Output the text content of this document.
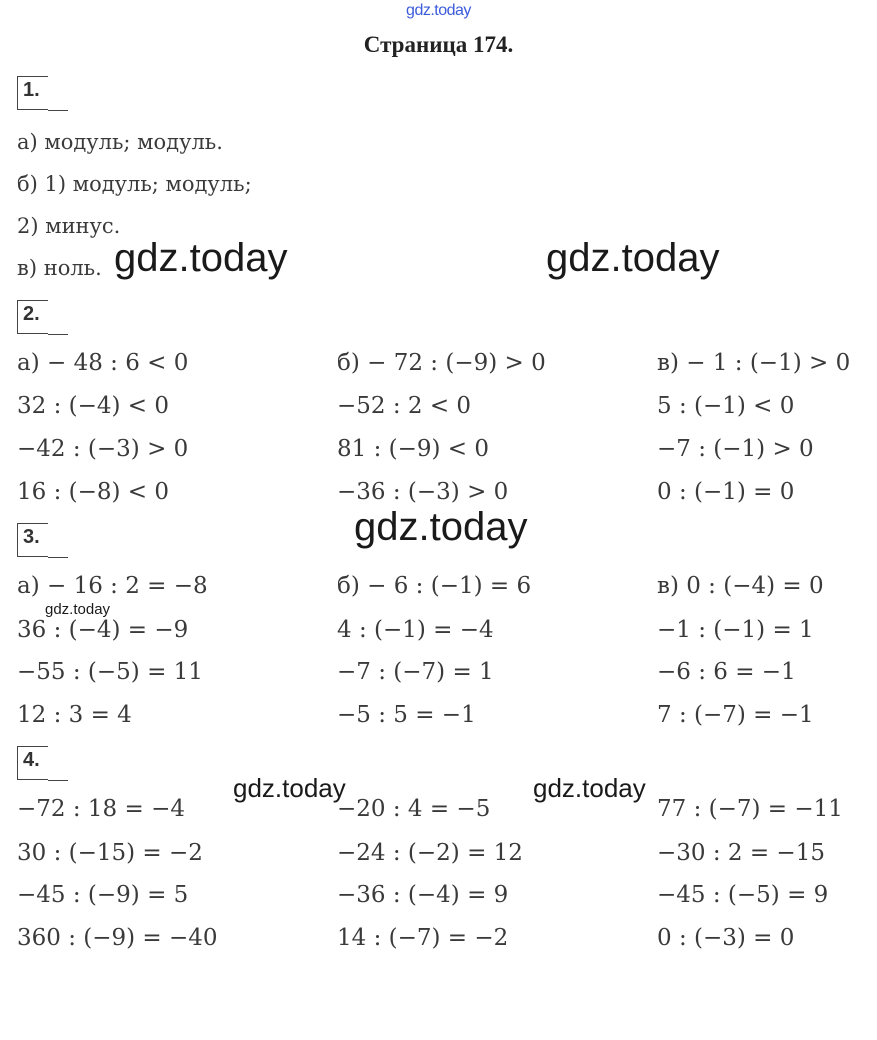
gdz.today
Страница 174.
1.
а) модуль; модуль.
б) 1) модуль; модуль;
2) минус.
в) ноль.
2.
а) − 48 : 6 < 0
32 : (−4) < 0
−42 : (−3) > 0
16 : (−8) < 0
б) − 72 : (−9) > 0
−52 : 2 < 0
81 : (−9) < 0
−36 : (−3) > 0
в) − 1 : (−1) > 0
5 : (−1) < 0
−7 : (−1) > 0
0 : (−1) = 0
3.
а) − 16 : 2 = −8
36 : (−4) = −9
−55 : (−5) = 11
12 : 3 = 4
б) − 6 : (−1) = 6
4 : (−1) = −4
−7 : (−7) = 1
−5 : 5 = −1
в) 0 : (−4) = 0
−1 : (−1) = 1
−6 : 6 = −1
7 : (−7) = −1
4.
−72 : 18 = −4
30 : (−15) = −2
−45 : (−9) = 5
360 : (−9) = −40
−20 : 4 = −5
−24 : (−2) = 12
−36 : (−4) = 9
14 : (−7) = −2
77 : (−7) = −11
−30 : 2 = −15
−45 : (−5) = 9
0 : (−3) = 0
gdz.today	gdz.today
gdz.today
gdz.today
gdz.today	gdz.today
